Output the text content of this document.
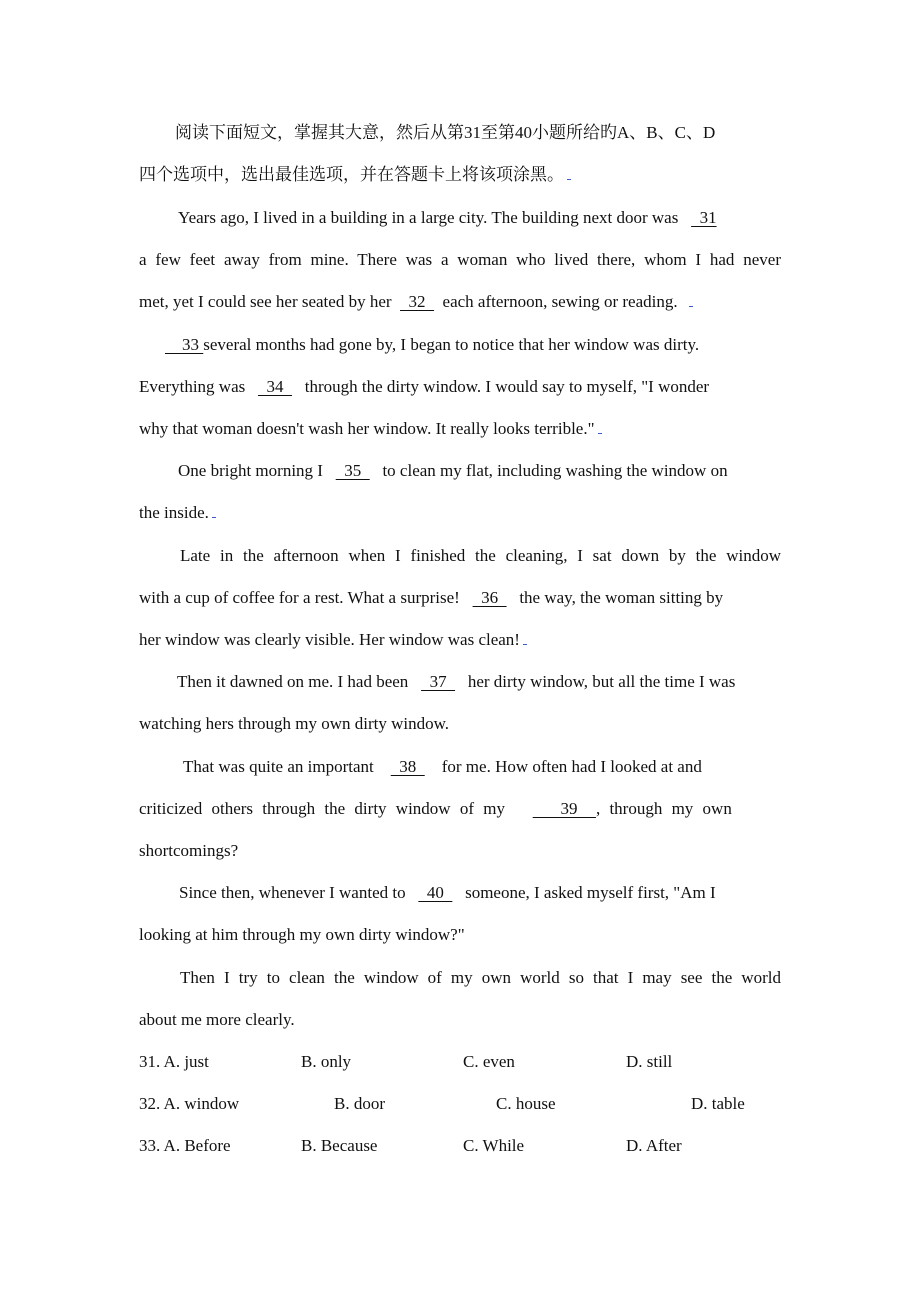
阅读下面短文，掌握其大意，然后从第31至第40小题所给旳A、B、C、D
四个选项中，选出最佳选项，并在答题卡上将该项涂黑。
Years ago, I lived in a building in a large city. The building next door was     31
a few feet away from mine. There was a woman who lived there, whom I had never
met, yet I could see her seated by her    32    each afternoon, sewing or reading.
33 several months had gone by, I began to notice that her window was dirty.
Everything was     34     through the dirty window. I would say to myself, "I wonder
why that woman doesn't wash her window. It really looks terrible."
One bright morning I     35     to clean my flat, including washing the window on
the inside.
Late in the afternoon when I finished the cleaning, I sat down by the window
with a cup of coffee for a rest. What a surprise!     36     the way, the woman sitting by
her window was clearly visible. Her window was clean!
Then it dawned on me. I had been     37     her dirty window, but all the time I was
watching hers through my own dirty window.
That was quite an important      38      for me. How often had I looked at and
criticized others through the dirty window of my      39  , through my own
shortcomings?
Since then, whenever I wanted to     40     someone, I asked myself first, "Am I
looking at him through my own dirty window?"
Then I try to clean the window of my own world so that I may see the world
about me more clearly.
31. A. just	B. only	C. even	D. still
32. A. window	B. door	C. house	D. table
33. A. Before	B. Because	C. While	D. After
